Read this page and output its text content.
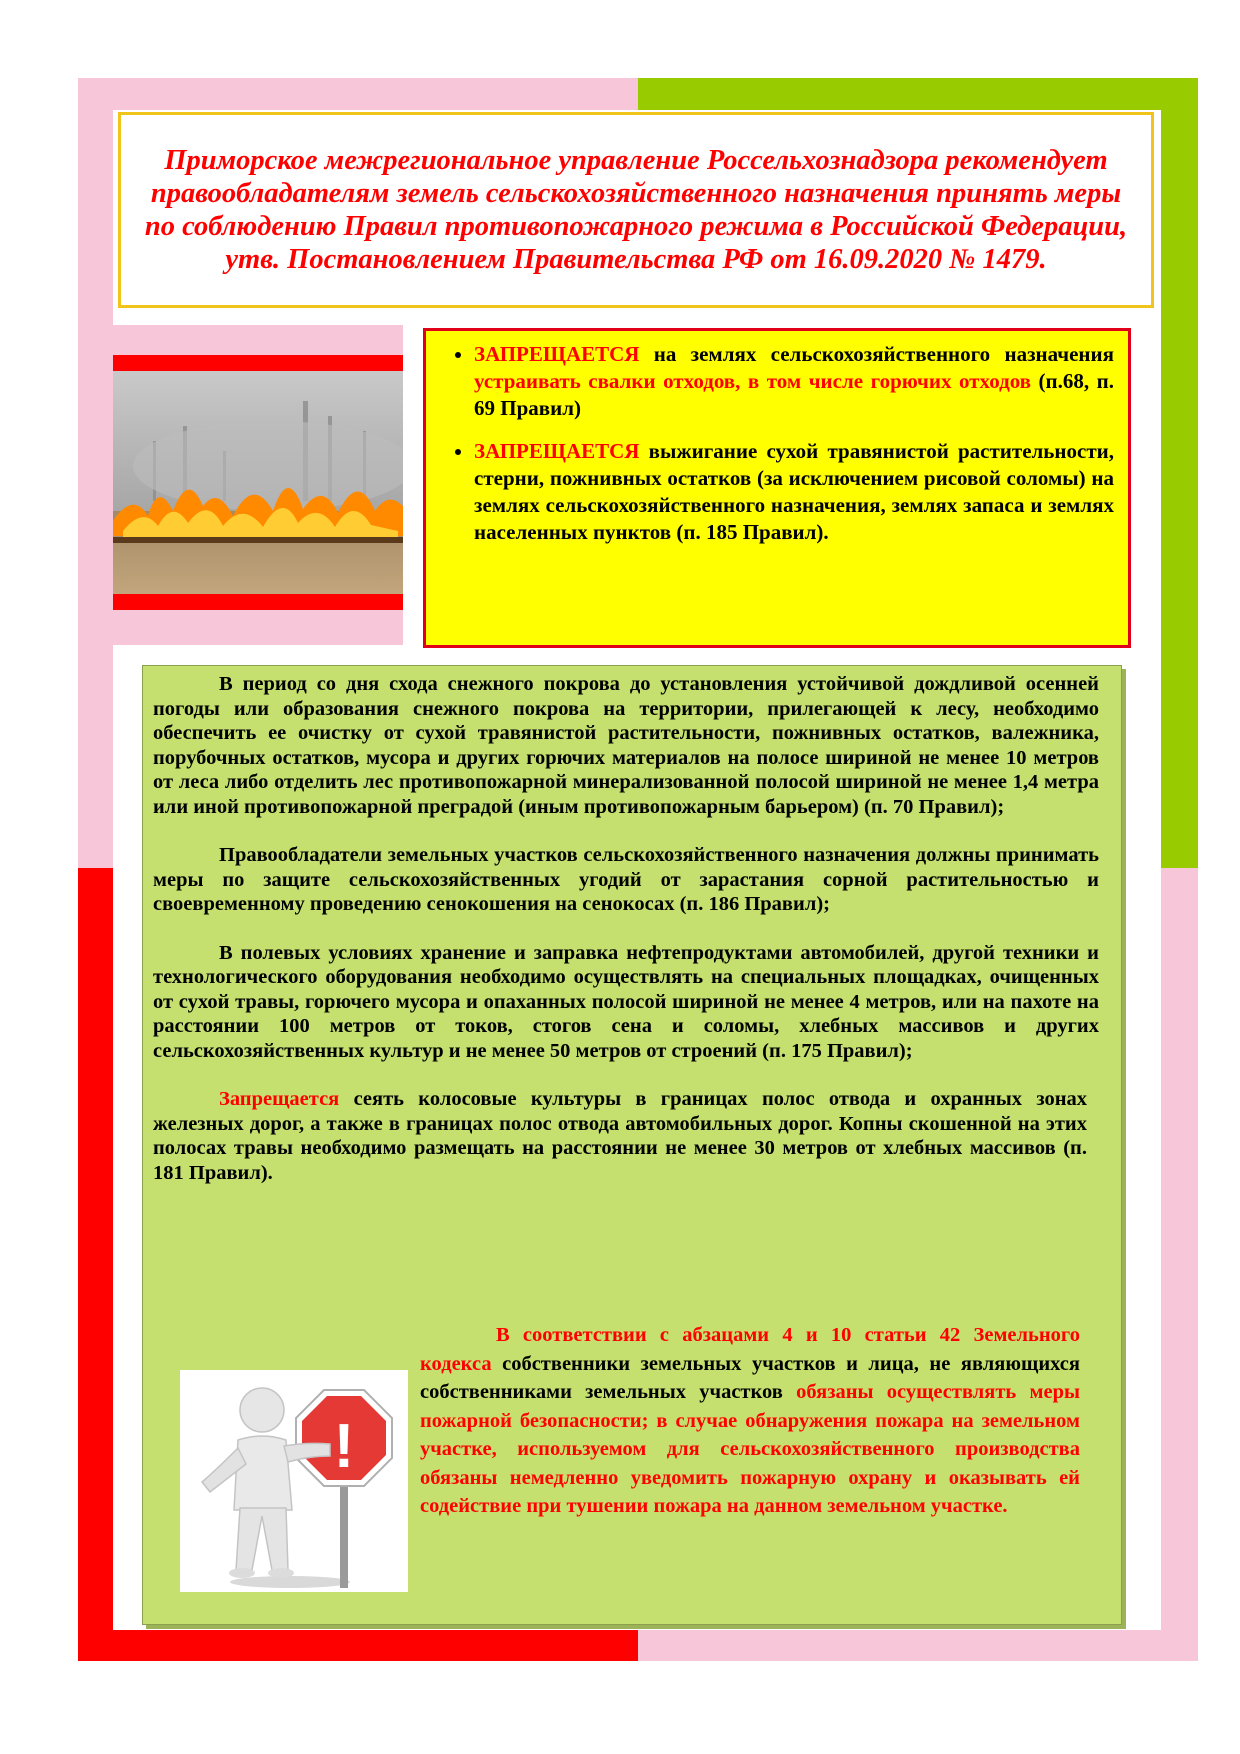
Приморское межрегиональное управление Россельхознадзора рекомендует правообладателям земель сельскохозяйственного назначения принять меры по соблюдению Правил противопожарного режима в Российской Федерации, утв. Постановлением Правительства РФ от 16.09.2020 № 1479.

• ЗАПРЕЩАЕТСЯ на землях сельскохозяйственного назначения устраивать свалки отходов, в том числе горючих отходов (п.68, п. 69 Правил)
• ЗАПРЕЩАЕТСЯ выжигание сухой травянистой растительности, стерни, пожнивных остатков (за исключением рисовой соломы) на землях сельскохозяйственного назначения, землях запаса и землях населенных пунктов (п. 185 Правил).

В период со дня схода снежного покрова до установления устойчивой дождливой осенней погоды или образования снежного покрова на территории, прилегающей к лесу, необходимо обеспечить ее очистку от сухой травянистой растительности, пожнивных остатков, валежника, порубочных остатков, мусора и других горючих материалов на полосе шириной не менее 10 метров от леса либо отделить лес противопожарной минерализованной полосой шириной не менее 1,4 метра или иной противопожарной преградой (иным противопожарным барьером) (п. 70 Правил);

Правообладатели земельных участков сельскохозяйственного назначения должны принимать меры по защите сельскохозяйственных угодий от зарастания сорной растительностью и своевременному проведению сенокошения на сенокосах (п. 186 Правил);

В полевых условиях хранение и заправка нефтепродуктами автомобилей, другой техники и технологического оборудования необходимо осуществлять на специальных площадках, очищенных от сухой травы, горючего мусора и опаханных полосой шириной не менее 4 метров, или на пахоте на расстоянии 100 метров от токов, стогов сена и соломы, хлебных массивов и других сельскохозяйственных культур и не менее 50 метров от строений (п. 175 Правил);

Запрещается сеять колосовые культуры в границах полос отвода и охранных зонах железных дорог, а также в границах полос отвода автомобильных дорог. Копны скошенной на этих полосах травы необходимо размещать на расстоянии не менее 30 метров от хлебных массивов (п. 181 Правил).

В соответствии с абзацами 4 и 10 статьи 42 Земельного кодекса собственники земельных участков и лица, не являющихся собственниками земельных участков обязаны осуществлять меры пожарной безопасности; в случае обнаружения пожара на земельном участке, используемом для сельскохозяйственного производства обязаны немедленно уведомить пожарную охрану и оказывать ей содействие при тушении пожара на данном земельном участке.

!
